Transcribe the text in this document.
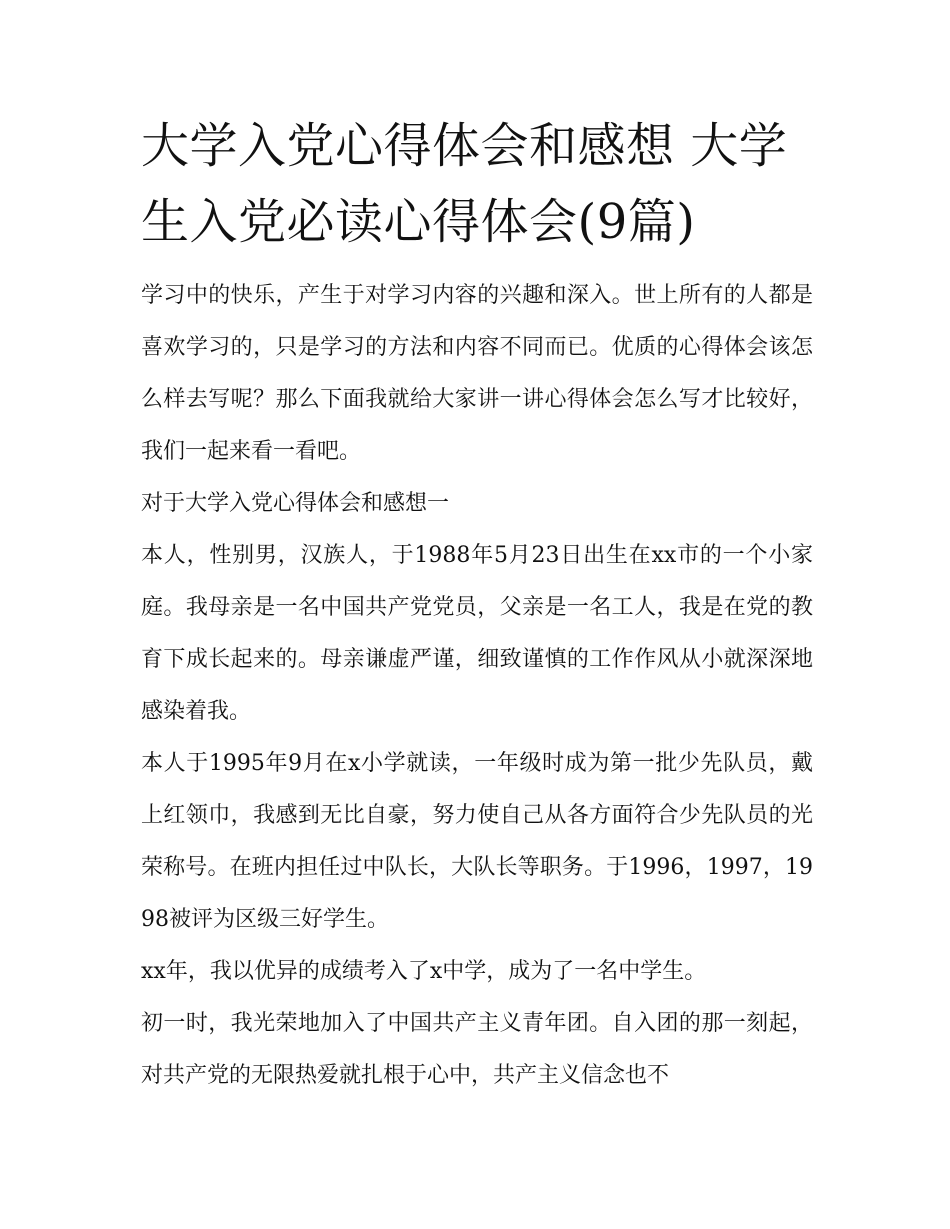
大学入党心得体会和感想 大学生入党必读心得体会(9篇)

学习中的快乐，产生于对学习内容的兴趣和深入。世上所有的人都是喜欢学习的，只是学习的方法和内容不同而已。优质的心得体会该怎么样去写呢？那么下面我就给大家讲一讲心得体会怎么写才比较好，我们一起来看一看吧。

对于大学入党心得体会和感想一

本人，性别男，汉族人，于1988年5月23日出生在xx市的一个小家庭。我母亲是一名中国共产党党员，父亲是一名工人，我是在党的教育下成长起来的。母亲谦虚严谨，细致谨慎的工作作风从小就深深地感染着我。

本人于1995年9月在x小学就读，一年级时成为第一批少先队员，戴上红领巾，我感到无比自豪，努力使自己从各方面符合少先队员的光荣称号。在班内担任过中队长，大队长等职务。于1996，1997，1998被评为区级三好学生。

xx年，我以优异的成绩考入了x中学，成为了一名中学生。

初一时，我光荣地加入了中国共产主义青年团。自入团的那一刻起，对共产党的无限热爱就扎根于心中，共产主义信念也不
